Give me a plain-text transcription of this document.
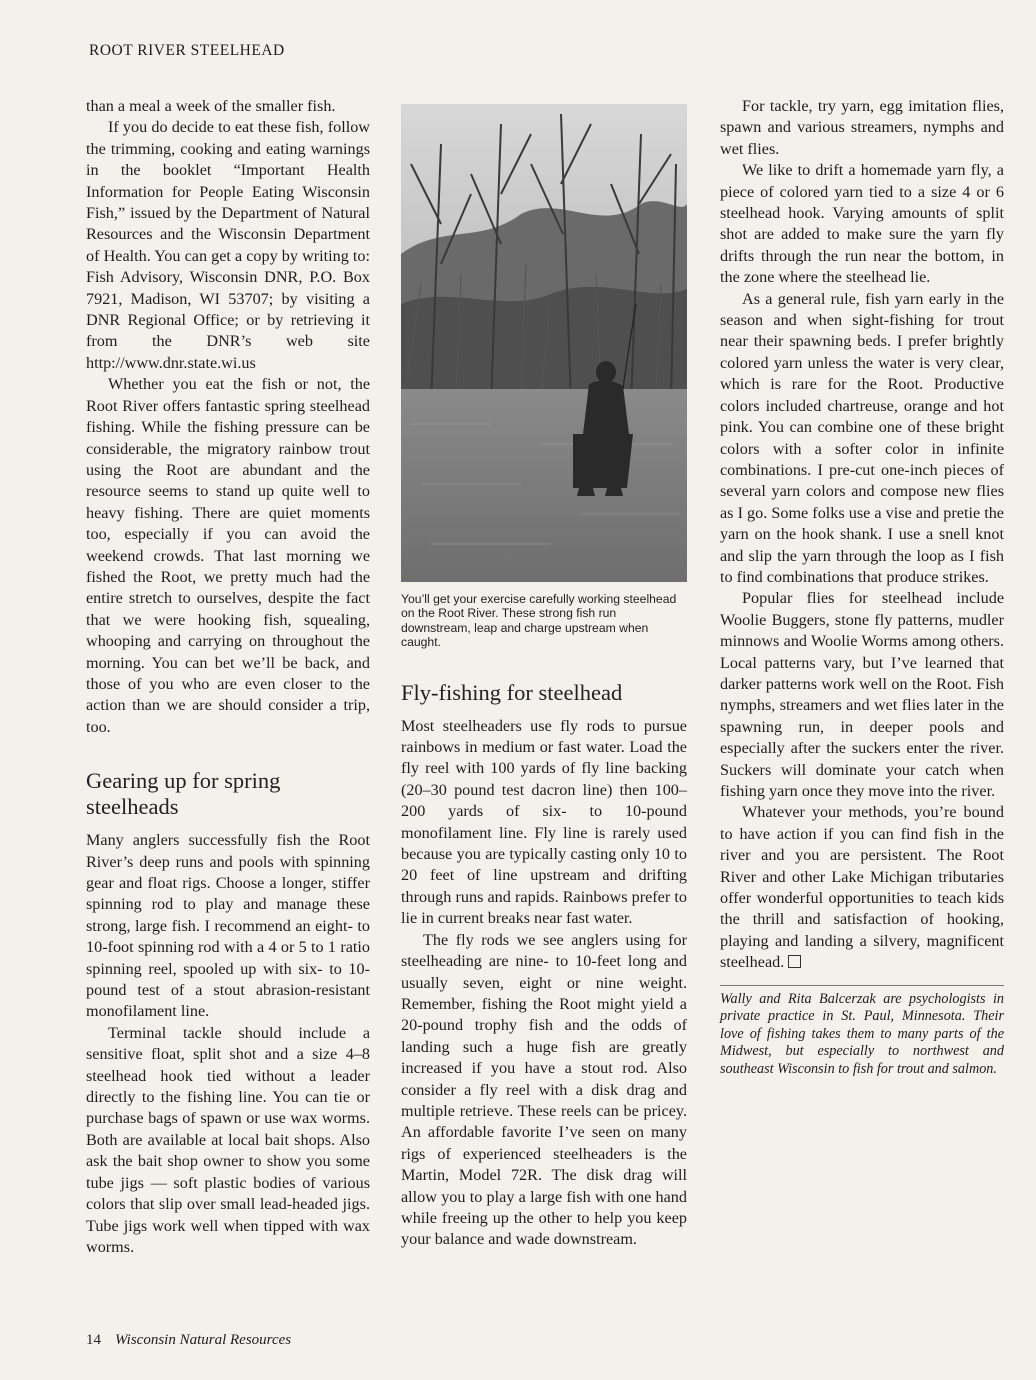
ROOT RIVER STEELHEAD

than a meal a week of the smaller fish.

If you do decide to eat these fish, follow the trimming, cooking and eating warnings in the booklet “Important Health Information for People Eating Wisconsin Fish,” issued by the Department of Natural Resources and the Wisconsin Department of Health. You can get a copy by writing to: Fish Advisory, Wisconsin DNR, P.O. Box 7921, Madison, WI 53707; by visiting a DNR Regional Office; or by retrieving it from the DNR’s web site http://www.dnr.state.wi.us

Whether you eat the fish or not, the Root River offers fantastic spring steelhead fishing. While the fishing pressure can be considerable, the migratory rainbow trout using the Root are abundant and the resource seems to stand up quite well to heavy fishing. There are quiet moments too, especially if you can avoid the weekend crowds. That last morning we fished the Root, we pretty much had the entire stretch to ourselves, despite the fact that we were hooking fish, squealing, whooping and carrying on throughout the morning. You can bet we’ll be back, and those of you who are even closer to the action than we are should consider a trip, too.

Gearing up for spring steelheads

Many anglers successfully fish the Root River’s deep runs and pools with spinning gear and float rigs. Choose a longer, stiffer spinning rod to play and manage these strong, large fish. I recommend an eight- to 10-foot spinning rod with a 4 or 5 to 1 ratio spinning reel, spooled up with six- to 10-pound test of a stout abrasion-resistant monofilament line.

Terminal tackle should include a sensitive float, split shot and a size 4–8 steelhead hook tied without a leader directly to the fishing line. You can tie or purchase bags of spawn or use wax worms. Both are available at local bait shops. Also ask the bait shop owner to show you some tube jigs — soft plastic bodies of various colors that slip over small lead-headed jigs. Tube jigs work well when tipped with wax worms.

You’ll get your exercise carefully working steelhead on the Root River. These strong fish run downstream, leap and charge upstream when caught.
Fly-fishing for steelhead

Most steelheaders use fly rods to pursue rainbows in medium or fast water. Load the fly reel with 100 yards of fly line backing (20–30 pound test dacron line) then 100–200 yards of six- to 10-pound monofilament line. Fly line is rarely used because you are typically casting only 10 to 20 feet of line upstream and drifting through runs and rapids. Rainbows prefer to lie in current breaks near fast water.

The fly rods we see anglers using for steelheading are nine- to 10-feet long and usually seven, eight or nine weight. Remember, fishing the Root might yield a 20-pound trophy fish and the odds of landing such a huge fish are greatly increased if you have a stout rod. Also consider a fly reel with a disk drag and multiple retrieve. These reels can be pricey. An affordable favorite I’ve seen on many rigs of experienced steelheaders is the Martin, Model 72R. The disk drag will allow you to play a large fish with one hand while freeing up the other to help you keep your balance and wade downstream.

For tackle, try yarn, egg imitation flies, spawn and various streamers, nymphs and wet flies.

We like to drift a homemade yarn fly, a piece of colored yarn tied to a size 4 or 6 steelhead hook. Varying amounts of split shot are added to make sure the yarn fly drifts through the run near the bottom, in the zone where the steelhead lie.

As a general rule, fish yarn early in the season and when sight-fishing for trout near their spawning beds. I prefer brightly colored yarn unless the water is very clear, which is rare for the Root. Productive colors included chartreuse, orange and hot pink. You can combine one of these bright colors with a softer color in infinite combinations. I pre-cut one-inch pieces of several yarn colors and compose new flies as I go. Some folks use a vise and pretie the yarn on the hook shank. I use a snell knot and slip the yarn through the loop as I fish to find combinations that produce strikes.

Popular flies for steelhead include Woolie Buggers, stone fly patterns, mudler minnows and Woolie Worms among others. Local patterns vary, but I’ve learned that darker patterns work well on the Root. Fish nymphs, streamers and wet flies later in the spawning run, in deeper pools and especially after the suckers enter the river. Suckers will dominate your catch when fishing yarn once they move into the river.

Whatever your methods, you’re bound to have action if you can find fish in the river and you are persistent. The Root River and other Lake Michigan tributaries offer wonderful opportunities to teach kids the thrill and satisfaction of hooking, playing and landing a silvery, magnificent steelhead.

Wally and Rita Balcerzak are psychologists in private practice in St. Paul, Minnesota. Their love of fishing takes them to many parts of the Midwest, but especially to northwest and southeast Wisconsin to fish for trout and salmon.
14 Wisconsin Natural Resources
